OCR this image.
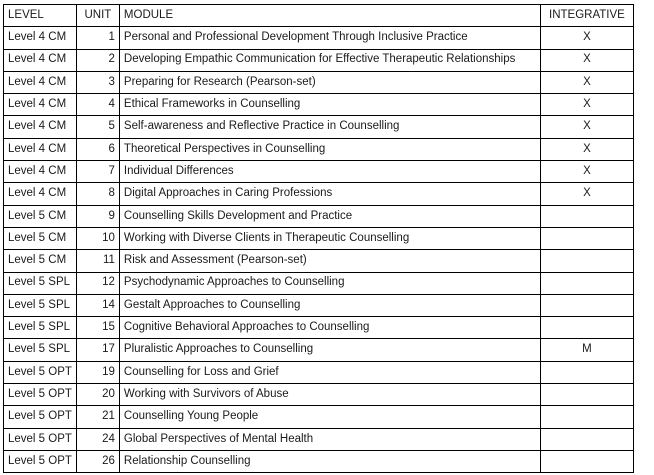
LEVEL	UNIT	MODULE	INTEGRATIVE
Level 4 CM	1	Personal and Professional Development Through Inclusive Practice	X
Level 4 CM	2	Developing Empathic Communication for Effective Therapeutic Relationships	X
Level 4 CM	3	Preparing for Research (Pearson-set)	X
Level 4 CM	4	Ethical Frameworks in Counselling	X
Level 4 CM	5	Self-awareness and Reflective Practice in Counselling	X
Level 4 CM	6	Theoretical Perspectives in Counselling	X
Level 4 CM	7	Individual Differences	X
Level 4 CM	8	Digital Approaches in Caring Professions	X
Level 5 CM	9	Counselling Skills Development and Practice	
Level 5 CM	10	Working with Diverse Clients in Therapeutic Counselling	
Level 5 CM	11	Risk and Assessment (Pearson-set)	
Level 5 SPL	12	Psychodynamic Approaches to Counselling	
Level 5 SPL	14	Gestalt Approaches to Counselling	
Level 5 SPL	15	Cognitive Behavioral Approaches to Counselling	
Level 5 SPL	17	Pluralistic Approaches to Counselling	M
Level 5 OPT	19	Counselling for Loss and Grief	
Level 5 OPT	20	Working with Survivors of Abuse	
Level 5 OPT	21	Counselling Young People	
Level 5 OPT	24	Global Perspectives of Mental Health	
Level 5 OPT	26	Relationship Counselling	
